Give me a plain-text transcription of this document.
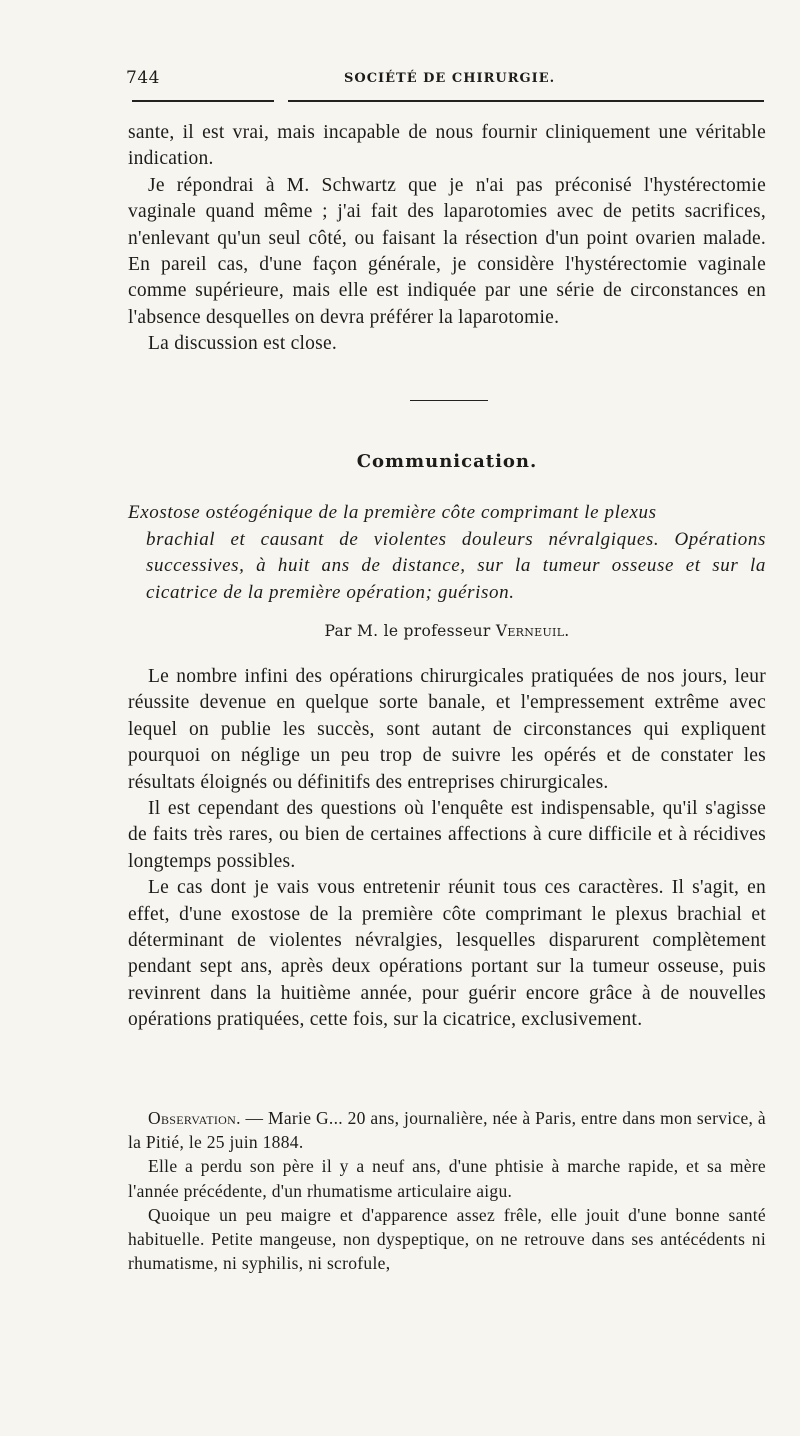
744	SOCIÉTÉ DE CHIRURGIE.

sante, il est vrai, mais incapable de nous fournir cliniquement une véritable indication.

Je répondrai à M. Schwartz que je n'ai pas préconisé l'hystérectomie vaginale quand même ; j'ai fait des laparotomies avec de petits sacrifices, n'enlevant qu'un seul côté, ou faisant la résection d'un point ovarien malade. En pareil cas, d'une façon générale, je considère l'hystérectomie vaginale comme supérieure, mais elle est indiquée par une série de circonstances en l'absence desquelles on devra préférer la laparotomie.

La discussion est close.

Communication.

Exostose ostéogénique de la première côte comprimant le plexus

brachial et causant de violentes douleurs névralgiques. Opérations successives, à huit ans de distance, sur la tumeur osseuse et sur la cicatrice de la première opération; guérison.

Par M. le professeur Verneuil.

Le nombre infini des opérations chirurgicales pratiquées de nos jours, leur réussite devenue en quelque sorte banale, et l'empressement extrême avec lequel on publie les succès, sont autant de circonstances qui expliquent pourquoi on néglige un peu trop de suivre les opérés et de constater les résultats éloignés ou définitifs des entreprises chirurgicales.

Il est cependant des questions où l'enquête est indispensable, qu'il s'agisse de faits très rares, ou bien de certaines affections à cure difficile et à récidives longtemps possibles.

Le cas dont je vais vous entretenir réunit tous ces caractères. Il s'agit, en effet, d'une exostose de la première côte comprimant le plexus brachial et déterminant de violentes névralgies, lesquelles disparurent complètement pendant sept ans, après deux opérations portant sur la tumeur osseuse, puis revinrent dans la huitième année, pour guérir encore grâce à de nouvelles opérations pratiquées, cette fois, sur la cicatrice, exclusivement.

Observation. — Marie G... 20 ans, journalière, née à Paris, entre dans mon service, à la Pitié, le 25 juin 1884.

Elle a perdu son père il y a neuf ans, d'une phtisie à marche rapide, et sa mère l'année précédente, d'un rhumatisme articulaire aigu.

Quoique un peu maigre et d'apparence assez frêle, elle jouit d'une bonne santé habituelle. Petite mangeuse, non dyspeptique, on ne retrouve dans ses antécédents ni rhumatisme, ni syphilis, ni scrofule,
